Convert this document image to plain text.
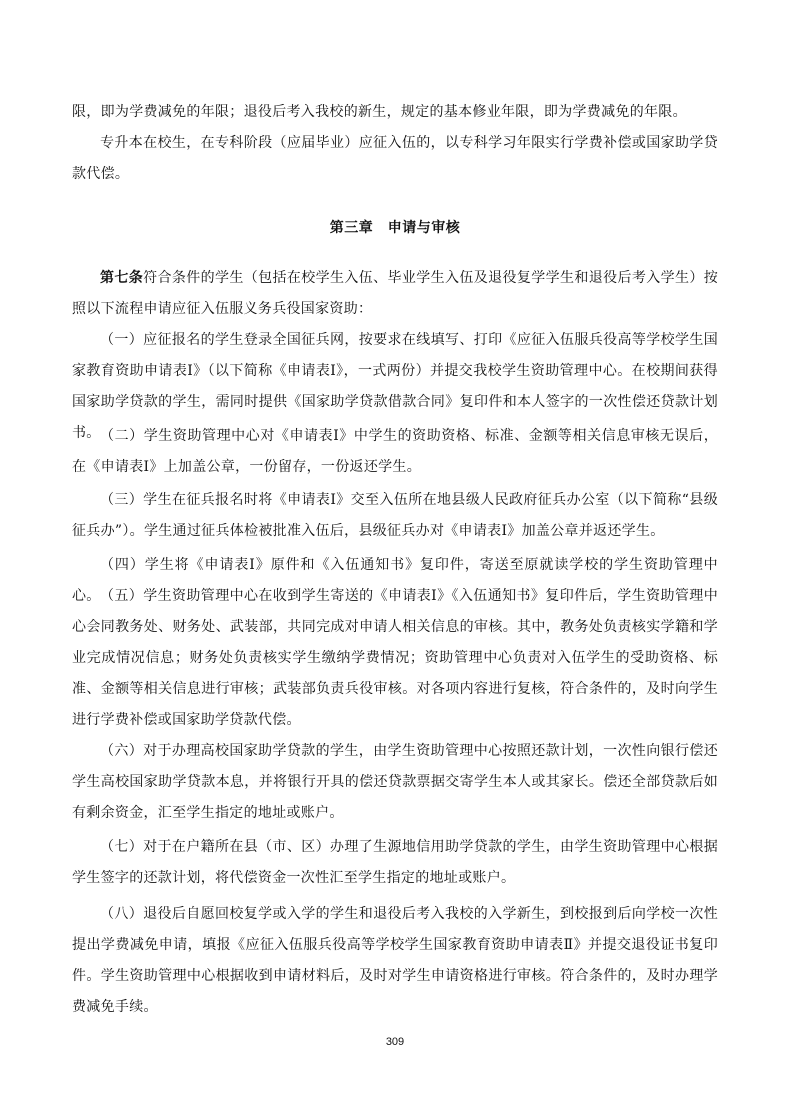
限，即为学费减免的年限；退役后考入我校的新生，规定的基本修业年限，即为学费减免的年限。

专升本在校生，在专科阶段（应届毕业）应征入伍的，以专科学习年限实行学费补偿或国家助学贷款代偿。

第三章　申请与审核

第七条符合条件的学生（包括在校学生入伍、毕业学生入伍及退役复学学生和退役后考入学生）按照以下流程申请应征入伍服义务兵役国家资助：

（一）应征报名的学生登录全国征兵网，按要求在线填写、打印《应征入伍服兵役高等学校学生国家教育资助申请表Ⅰ》（以下简称《申请表Ⅰ》，一式两份）并提交我校学生资助管理中心。在校期间获得国家助学贷款的学生，需同时提供《国家助学贷款借款合同》复印件和本人签字的一次性偿还贷款计划书。 （二）学生资助管理中心对《申请表Ⅰ》中学生的资助资格、标准、金额等相关信息审核无误后，在《申请表Ⅰ》上加盖公章，一份留存，一份返还学生。

（三）学生在征兵报名时将《申请表Ⅰ》交至入伍所在地县级人民政府征兵办公室（以下简称“县级征兵办”）。学生通过征兵体检被批准入伍后，县级征兵办对《申请表Ⅰ》加盖公章并返还学生。

（四）学生将《申请表Ⅰ》原件和《入伍通知书》复印件，寄送至原就读学校的学生资助管理中心。 （五）学生资助管理中心在收到学生寄送的《申请表Ⅰ》《入伍通知书》复印件后，学生资助管理中心会同教务处、财务处、武装部，共同完成对申请人相关信息的审核。其中，教务处负责核实学籍和学业完成情况信息；财务处负责核实学生缴纳学费情况；资助管理中心负责对入伍学生的受助资格、标准、金额等相关信息进行审核；武装部负责兵役审核。对各项内容进行复核，符合条件的，及时向学生进行学费补偿或国家助学贷款代偿。

（六）对于办理高校国家助学贷款的学生，由学生资助管理中心按照还款计划，一次性向银行偿还学生高校国家助学贷款本息，并将银行开具的偿还贷款票据交寄学生本人或其家长。偿还全部贷款后如有剩余资金，汇至学生指定的地址或账户。

（七）对于在户籍所在县（市、区）办理了生源地信用助学贷款的学生，由学生资助管理中心根据学生签字的还款计划，将代偿资金一次性汇至学生指定的地址或账户。

（八）退役后自愿回校复学或入学的学生和退役后考入我校的入学新生，到校报到后向学校一次性提出学费减免申请，填报《应征入伍服兵役高等学校学生国家教育资助申请表Ⅱ》并提交退役证书复印件。学生资助管理中心根据收到申请材料后，及时对学生申请资格进行审核。符合条件的，及时办理学费减免手续。

309
